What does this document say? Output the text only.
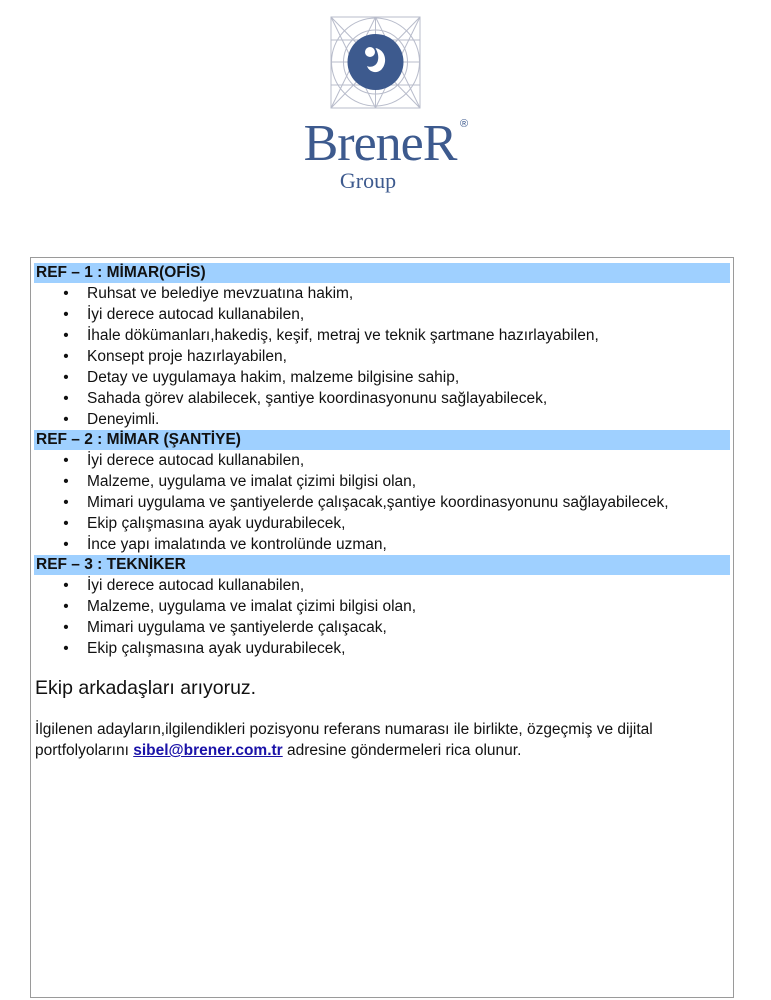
BreneR ®
Group
REF – 1 : MİMAR(OFİS)
• Ruhsat ve belediye mevzuatına hakim,
• İyi derece autocad kullanabilen,
• İhale dökümanları,hakediş, keşif, metraj ve teknik şartmane hazırlayabilen,
• Konsept proje hazırlayabilen,
• Detay ve uygulamaya hakim, malzeme bilgisine sahip,
• Sahada görev alabilecek, şantiye koordinasyonunu sağlayabilecek,
• Deneyimli.
REF – 2 : MİMAR (ŞANTİYE)
• İyi derece autocad kullanabilen,
• Malzeme, uygulama ve imalat çizimi bilgisi olan,
• Mimari uygulama ve şantiyelerde çalışacak,şantiye koordinasyonunu sağlayabilecek,
• Ekip çalışmasına ayak uydurabilecek,
• İnce yapı imalatında ve kontrolünde uzman,
REF – 3 : TEKNİKER
• İyi derece autocad kullanabilen,
• Malzeme, uygulama ve imalat çizimi bilgisi olan,
• Mimari uygulama ve şantiyelerde çalışacak,
• Ekip çalışmasına ayak uydurabilecek,
Ekip arkadaşları arıyoruz.
İlgilenen adayların,ilgilendikleri pozisyonu referans numarası ile birlikte, özgeçmiş ve dijital portfolyolarını sibel@brener.com.tr adresine göndermeleri rica olunur.
